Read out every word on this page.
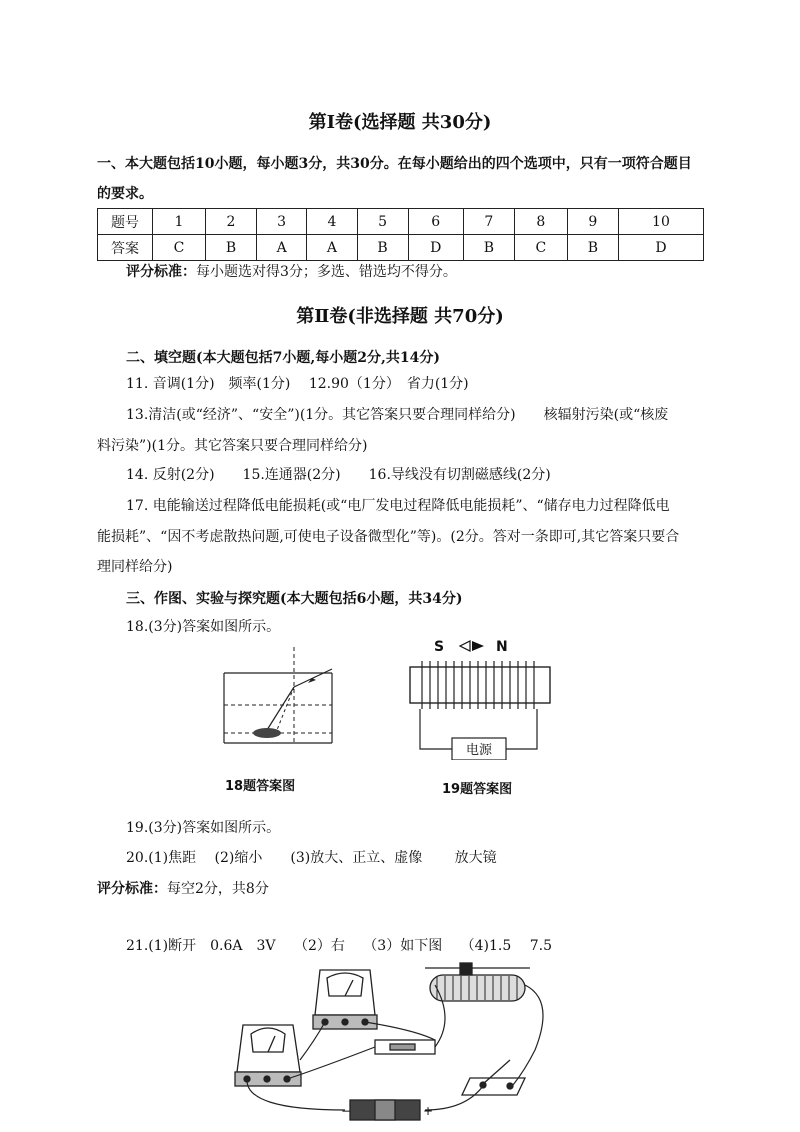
第Ⅰ卷(选择题 共30分)
一、本大题包括10小题，每小题3分，共30分。在每小题给出的四个选项中，只有一项符合题目
的要求。
题号	1	2	3	4	5	6	7	8	9	10
答案	C	B	A	A	B	D	B	C	B	D
评分标准：每小题选对得3分；多选、错选均不得分。
第Ⅱ卷(非选择题 共70分)
二、填空题(本大题包括7小题,每小题2分,共14分)
11. 音调(1分)　频率(1分)　 12.90（1分）　省力(1分)
13.清洁(或“经济”、“安全”)(1分。其它答案只要合理同样给分)　　核辐射污染(或“核废
料污染”)(1分。其它答案只要合理同样给分)
14. 反射(2分)　　15.连通器(2分)　　16.导线没有切割磁感线(2分)
17. 电能输送过程降低电能损耗(或“电厂发电过程降低电能损耗”、“储存电力过程降低电
能损耗”、“因不考虑散热问题,可使电子设备微型化”等)。(2分。答对一条即可,其它答案只要合
理同样给分)
三、作图、实验与探究题(本大题包括6小题，共34分)
18.(3分)答案如图所示。
18题答案图
S	N
电源
19题答案图
19.(3分)答案如图所示。
20.(1)焦距　 (2)缩小　　(3)放大、正立、虚像　　 放大镜
评分标准：每空2分，共8分
21.(1)断开　0.6A　3V　 （2）右　 （3）如下图　 （4)1.5　 7.5
−	+
